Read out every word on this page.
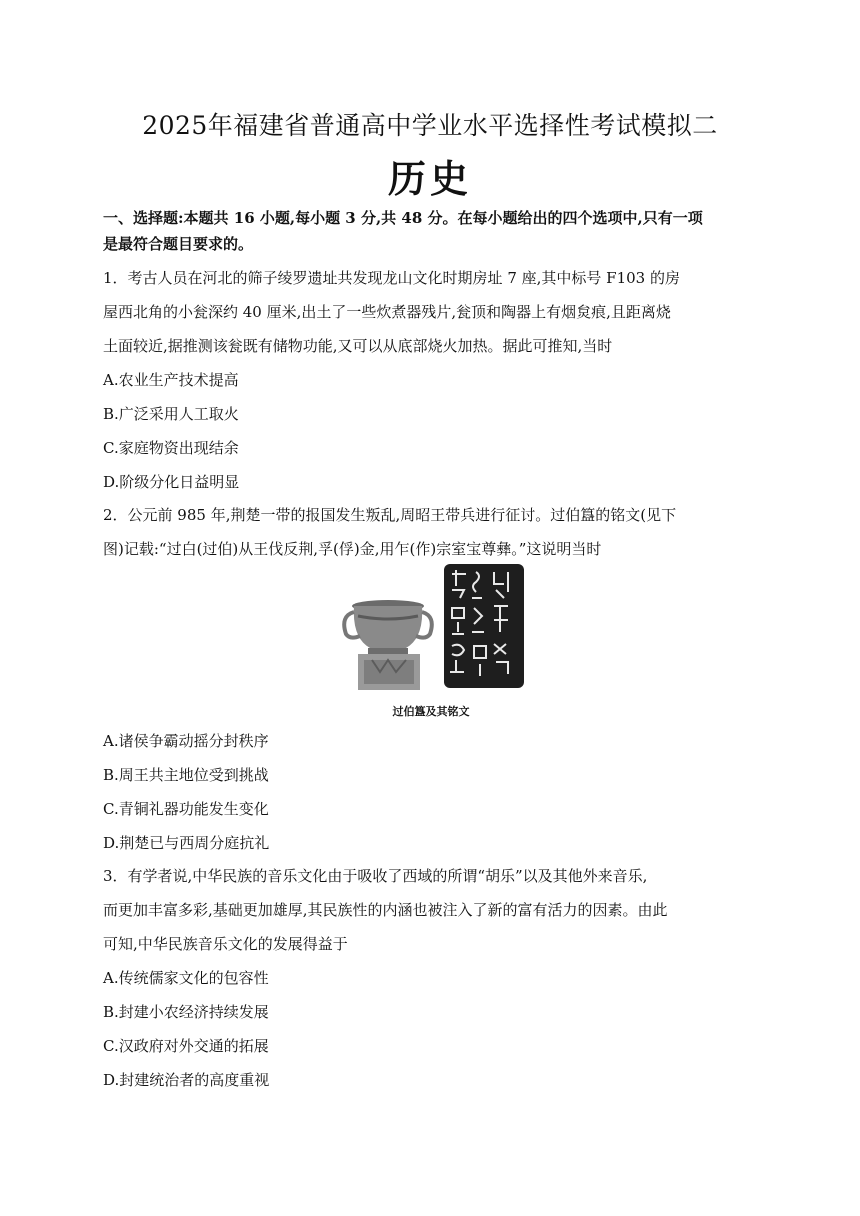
2025年福建省普通高中学业水平选择性考试模拟二
历史
一、选择题:本题共 16 小题,每小题 3 分,共 48 分。在每小题给出的四个选项中,只有一项
是最符合题目要求的。
1．考古人员在河北的筛子绫罗遗址共发现龙山文化时期房址 7 座,其中标号 F103 的房
屋西北角的小瓮深约 40 厘米,出土了一些炊煮器残片,瓮顶和陶器上有烟炱痕,且距离烧
土面较近,据推测该瓮既有储物功能,又可以从底部烧火加热。据此可推知,当时
A.农业生产技术提高
B.广泛采用人工取火
C.家庭物资出现结余
D.阶级分化日益明显
2．公元前 985 年,荆楚一带的报国发生叛乱,周昭王带兵进行征讨。过伯簋的铭文(见下
图)记载:“过白(过伯)从王伐反荆,孚(俘)金,用乍(作)宗室宝尊彝。”这说明当时
过伯簋及其铭文
A.诸侯争霸动摇分封秩序
B.周王共主地位受到挑战
C.青铜礼器功能发生变化
D.荆楚已与西周分庭抗礼
3．有学者说,中华民族的音乐文化由于吸收了西域的所谓“胡乐”以及其他外来音乐,
而更加丰富多彩,基础更加雄厚,其民族性的内涵也被注入了新的富有活力的因素。由此
可知,中华民族音乐文化的发展得益于
A.传统儒家文化的包容性
B.封建小农经济持续发展
C.汉政府对外交通的拓展
D.封建统治者的高度重视
